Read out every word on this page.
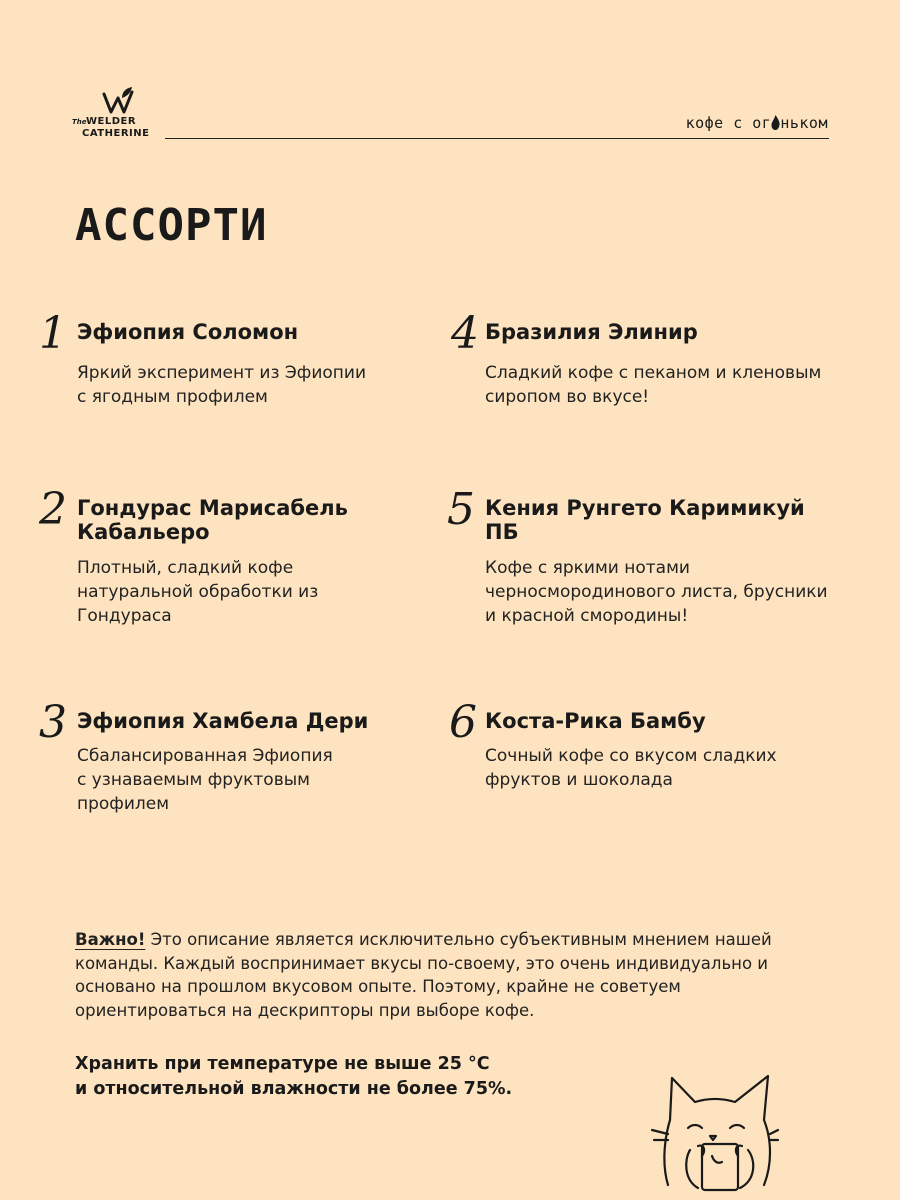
The WELDER
CATHERINE
кофе с ог ньком
АССОРТИ
1 Эфиопия Соломон

Яркий эксперимент из Эфиопии
с ягодным профилем

2 Гондурас Марисабель
Кабальеро

Плотный, сладкий кофе
натуральной обработки из
Гондураса

3 Эфиопия Хамбела Дери

Сбалансированная Эфиопия
с узнаваемым фруктовым
профилем

4 Бразилия Элинир

Сладкий кофе с пеканом и кленовым
сиропом во вкусе!

5 Кения Рунгето Каримикуй
ПБ

Кофе с яркими нотами
черносмородинового листа, брусники
и красной смородины!

6 Коста-Рика Бамбу

Сочный кофе со вкусом сладких
фруктов и шоколада

Важно! Это описание является исключительно субъективным мнением нашей команды. Каждый воспринимает вкусы по-своему, это очень индивидуально и основано на прошлом вкусовом опыте. Поэтому, крайне не советуем ориентироваться на дескрипторы при выборе кофе.
Хранить при температуре не выше 25 °С
и относительной влажности не более 75%.
